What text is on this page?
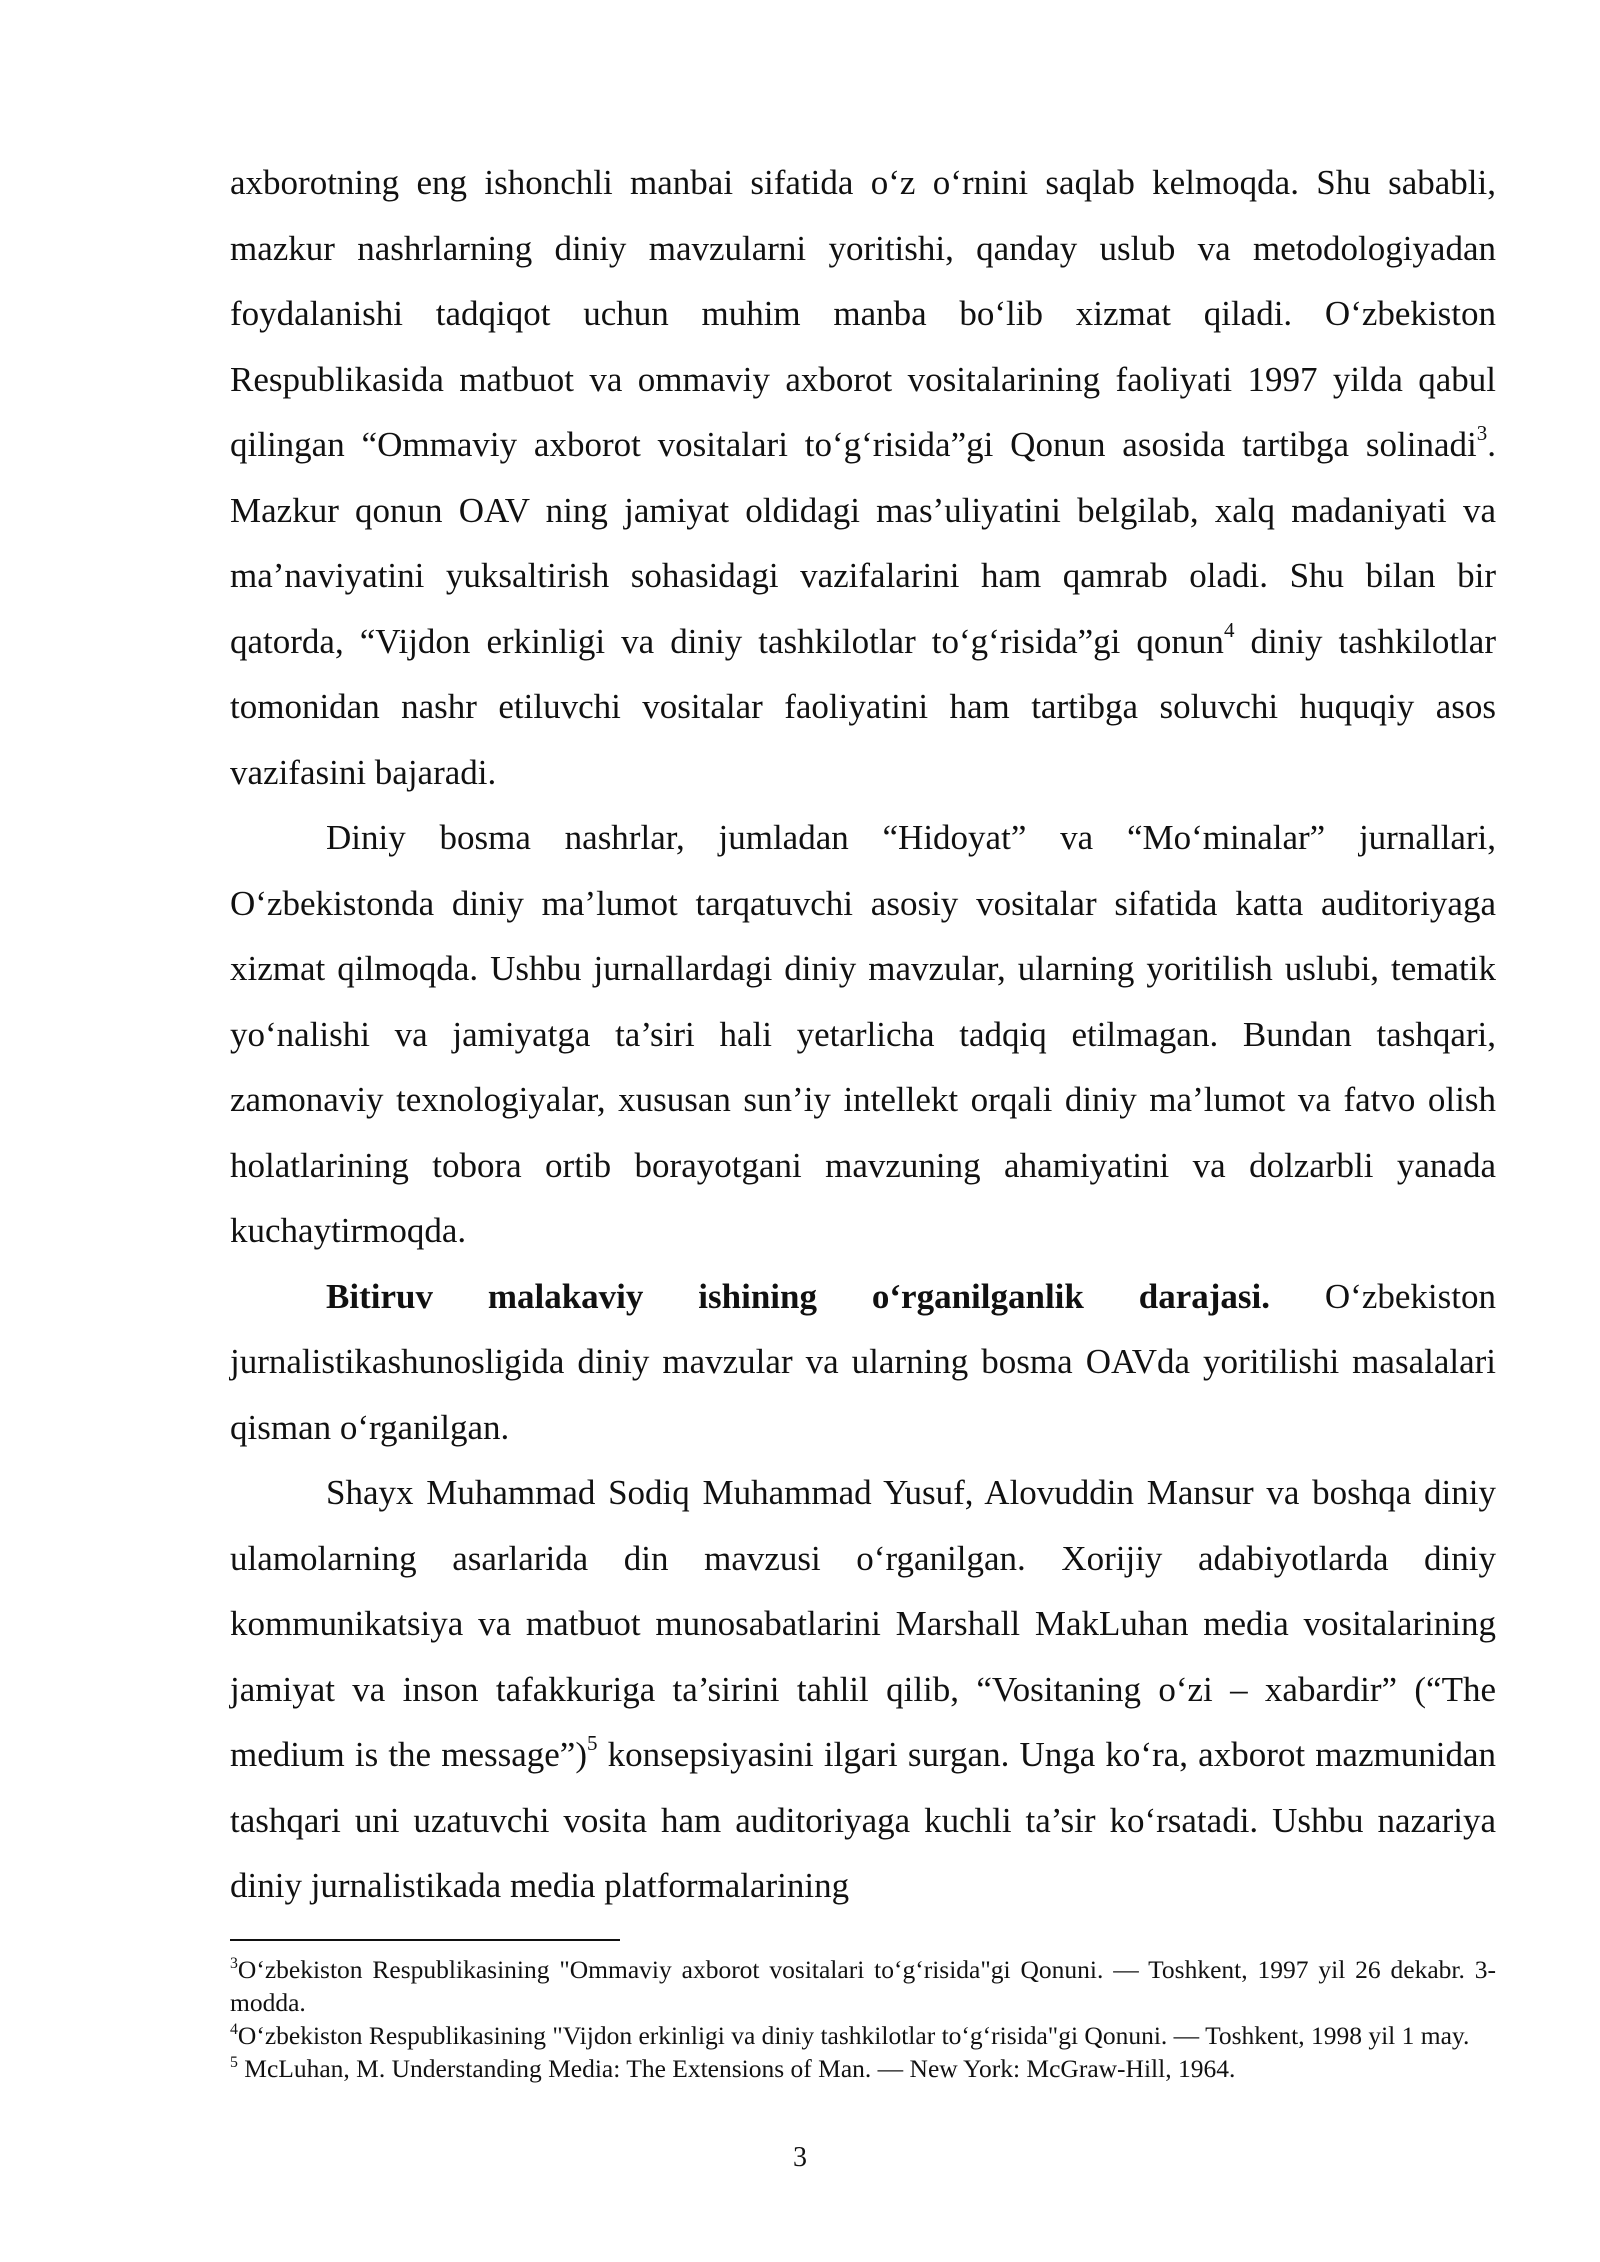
axborotning eng ishonchli manbai sifatida o‘z o‘rnini saqlab kelmoqda. Shu sababli, mazkur nashrlarning diniy mavzularni yoritishi, qanday uslub va metodologiyadan foydalanishi tadqiqot uchun muhim manba bo‘lib xizmat qiladi. O‘zbekiston Respublikasida matbuot va ommaviy axborot vositalarining faoliyati 1997 yilda qabul qilingan “Ommaviy axborot vositalari to‘g‘risida”gi Qonun asosida tartibga solinadi$^3$. Mazkur qonun OAV ning jamiyat oldidagi mas’uliyatini belgilab, xalq madaniyati va ma’naviyatini yuksaltirish sohasidagi vazifalarini ham qamrab oladi. Shu bilan bir qatorda, “Vijdon erkinligi va diniy tashkilotlar to‘g‘risida”gi qonun$^4$ diniy tashkilotlar tomonidan nashr etiluvchi vositalar faoliyatini ham tartibga soluvchi huquqiy asos vazifasini bajaradi.

Diniy bosma nashrlar, jumladan “Hidoyat” va “Mo‘minalar” jurnallari, O‘zbekistonda diniy ma’lumot tarqatuvchi asosiy vositalar sifatida katta auditoriyaga xizmat qilmoqda. Ushbu jurnallardagi diniy mavzular, ularning yoritilish uslubi, tematik yo‘nalishi va jamiyatga ta’siri hali yetarlicha tadqiq etilmagan. Bundan tashqari, zamonaviy texnologiyalar, xususan sun’iy intellekt orqali diniy ma’lumot va fatvo olish holatlarining tobora ortib borayotgani mavzuning ahamiyatini va dolzarbli yanada kuchaytirmoqda.

Bitiruv malakaviy ishining o‘rganilganlik darajasi. O‘zbekiston jurnalistikashunosligida diniy mavzular va ularning bosma OAVda yoritilishi masalalari qisman o‘rganilgan.

Shayx Muhammad Sodiq Muhammad Yusuf, Alovuddin Mansur va boshqa diniy ulamolarning asarlarida din mavzusi o‘rganilgan. Xorijiy adabiyotlarda diniy kommunikatsiya va matbuot munosabatlarini Marshall MakLuhan media vositalarining jamiyat va inson tafakkuriga ta’sirini tahlil qilib, “Vositaning o‘zi – xabardir” (“The medium is the message”)$^5$ konsepsiyasini ilgari surgan. Unga ko‘ra, axborot mazmunidan tashqari uni uzatuvchi vosita ham auditoriyaga kuchli ta’sir ko‘rsatadi. Ushbu nazariya diniy jurnalistikada media platformalarining

$^3$O‘zbekiston Respublikasining "Ommaviy axborot vositalari to‘g‘risida"gi Qonuni. — Toshkent, 1997 yil 26 dekabr. 3-modda.

$^4$O‘zbekiston Respublikasining "Vijdon erkinligi va diniy tashkilotlar to‘g‘risida"gi Qonuni. — Toshkent, 1998 yil 1 may.

$^5$ McLuhan, M. Understanding Media: The Extensions of Man. — New York: McGraw-Hill, 1964.

3
